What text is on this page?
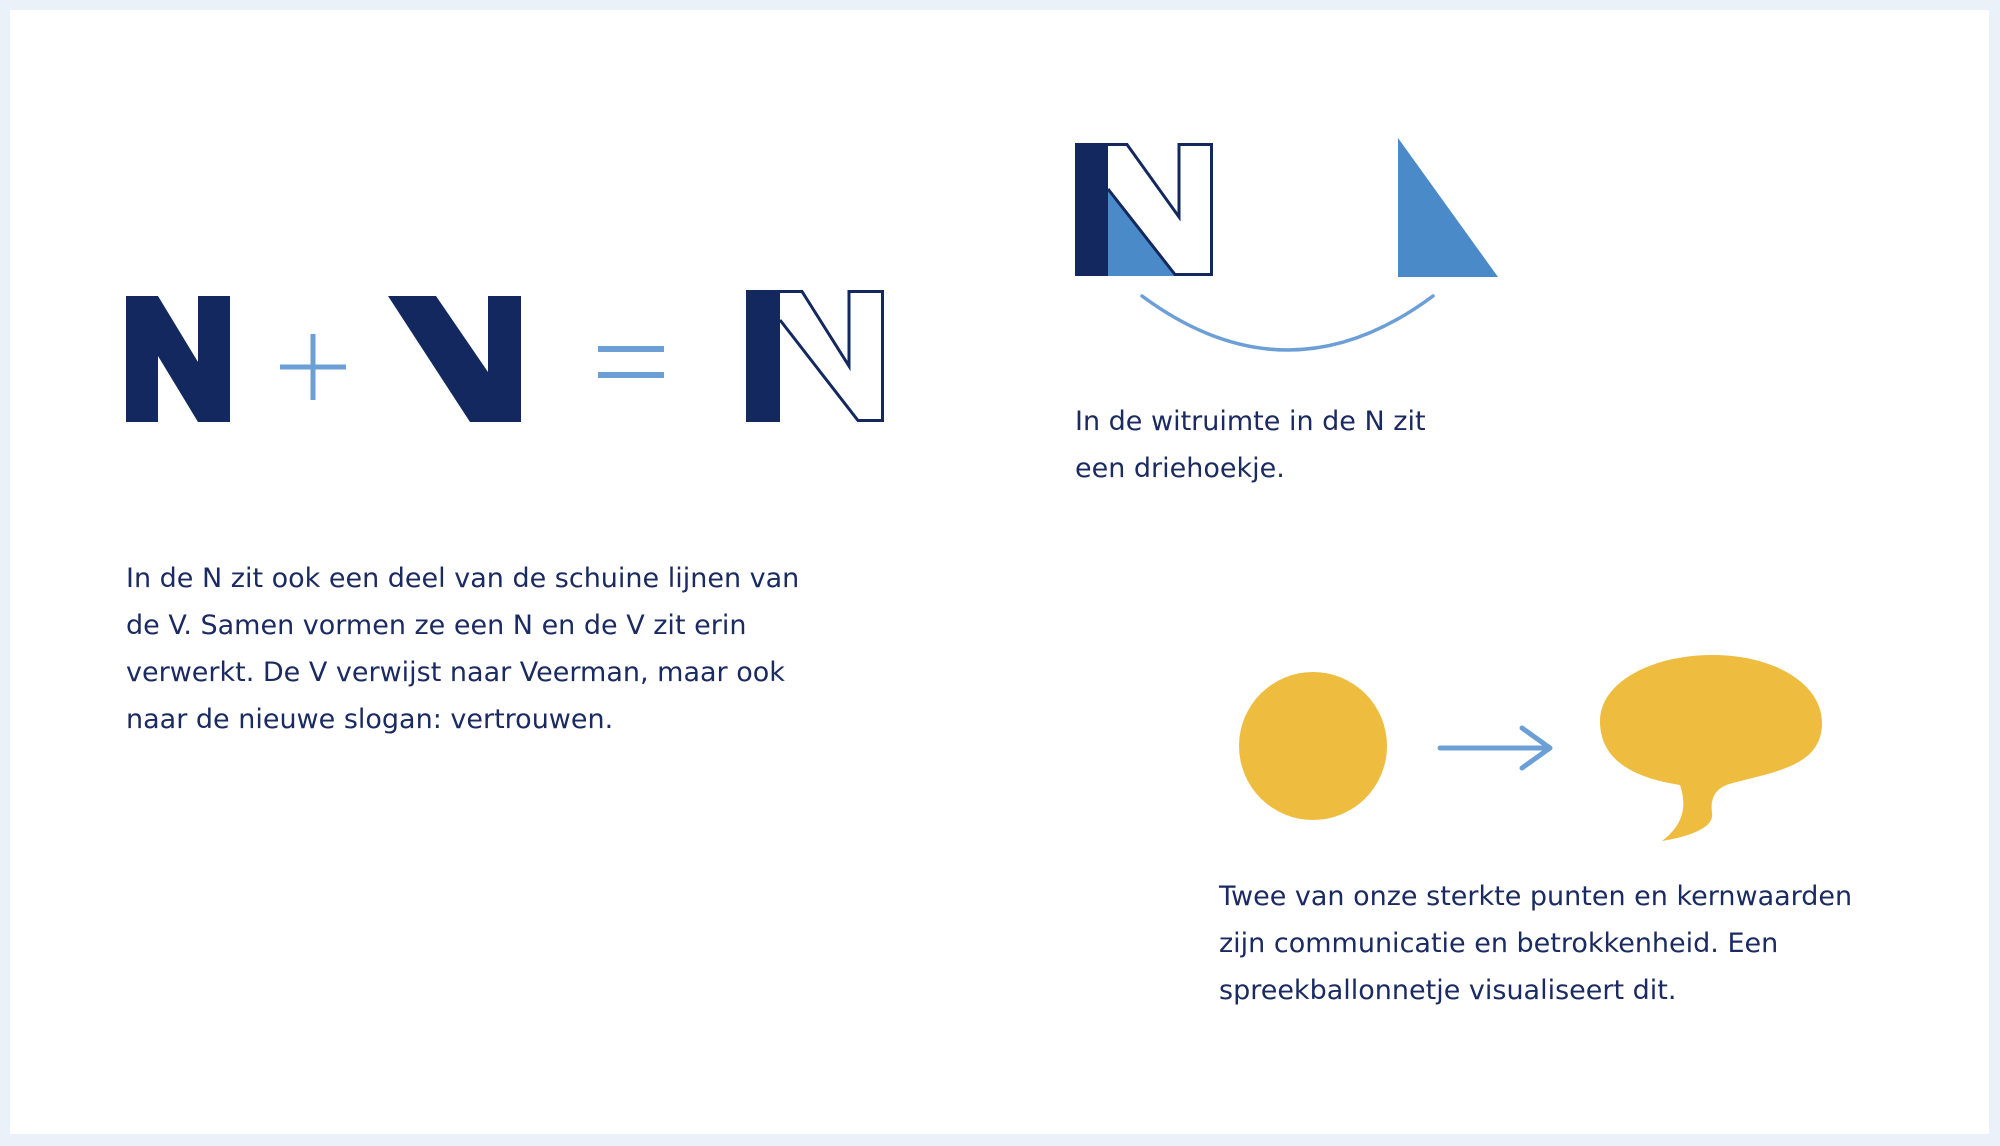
In de N zit ook een deel van de schuine lijnen van
de V. Samen vormen ze een N en de V zit erin
verwerkt. De V verwijst naar Veerman, maar ook
naar de nieuwe slogan: vertrouwen.
In de witruimte in de N zit
een driehoekje.
Twee van onze sterkte punten en kernwaarden
zijn communicatie en betrokkenheid. Een
spreekballonnetje visualiseert dit.
